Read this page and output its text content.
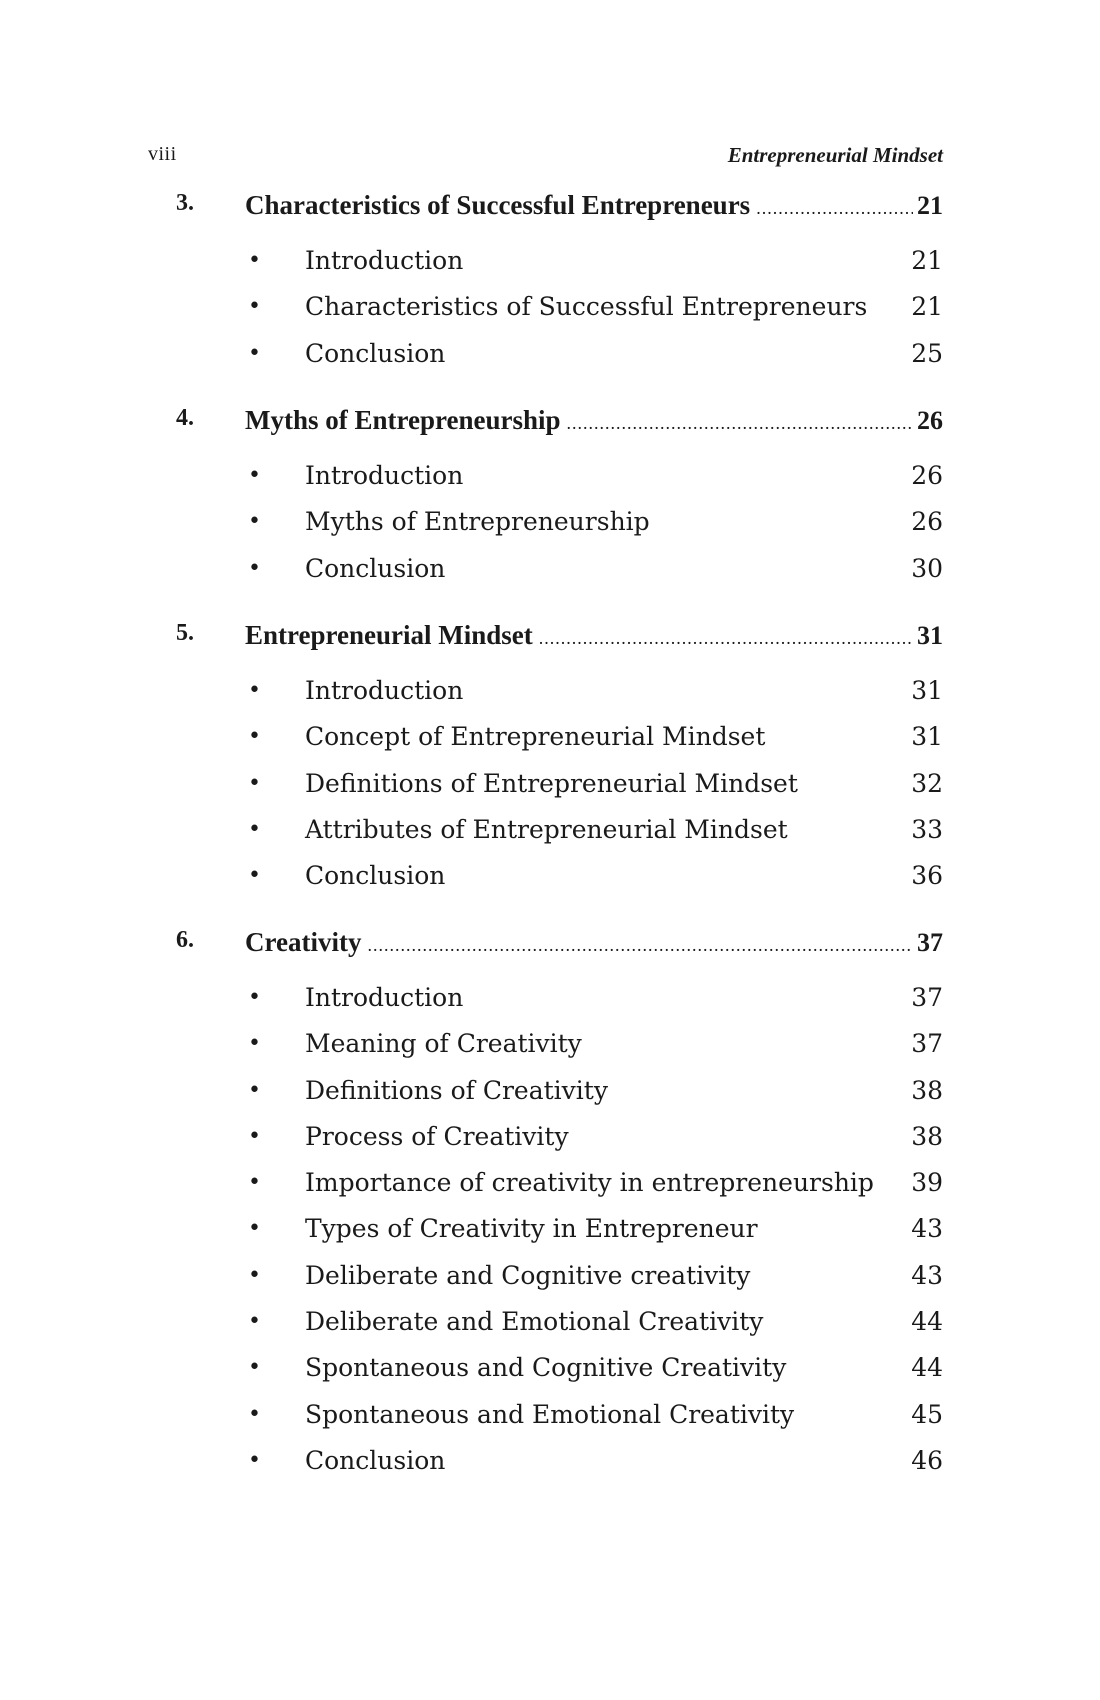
viii	Entrepreneurial Mindset
3. Characteristics of Successful Entrepreneurs .....	21
• Introduction	21
• Characteristics of Successful Entrepreneurs 21
• Conclusion	25
4. Myths of Entrepreneurship .....	26
• Introduction	26
• Myths of Entrepreneurship	26
• Conclusion	30
5. Entrepreneurial Mindset .....	31
• Introduction	31
• Concept of Entrepreneurial Mindset	31
• Definitions of Entrepreneurial Mindset	32
• Attributes of Entrepreneurial Mindset	33
• Conclusion	36
6. Creativity .....	37
• Introduction	37
• Meaning of Creativity	37
• Definitions of Creativity	38
• Process of Creativity	38
• Importance of creativity in entrepreneurship 39
• Types of Creativity in Entrepreneur	43
• Deliberate and Cognitive creativity	43
• Deliberate and Emotional Creativity	44
• Spontaneous and Cognitive Creativity	44
• Spontaneous and Emotional Creativity	45
• Conclusion	46
